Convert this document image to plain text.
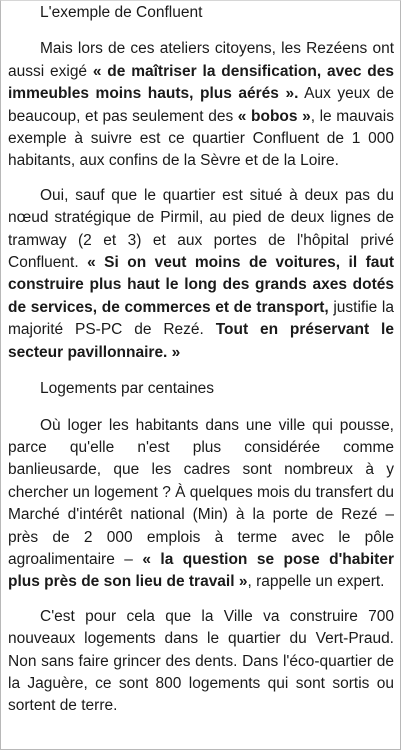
L'exemple de Confluent

Mais lors de ces ateliers citoyens, les Rezéens ont aussi exigé « de maîtriser la densification, avec des immeubles moins hauts, plus aérés ». Aux yeux de beaucoup, et pas seulement des « bobos », le mauvais exemple à suivre est ce quartier Confluent de 1 000 habitants, aux confins de la Sèvre et de la Loire.

Oui, sauf que le quartier est situé à deux pas du nœud stratégique de Pirmil, au pied de deux lignes de tramway (2 et 3) et aux portes de l'hôpital privé Confluent. « Si on veut moins de voitures, il faut construire plus haut le long des grands axes dotés de services, de commerces et de transport, justifie la majorité PS-PC de Rezé. Tout en préservant le secteur pavillonnaire. »

Logements par centaines

Où loger les habitants dans une ville qui pousse, parce qu'elle n'est plus considérée comme banlieusarde, que les cadres sont nombreux à y chercher un logement ? À quelques mois du transfert du Marché d'intérêt national (Min) à la porte de Rezé – près de 2 000 emplois à terme avec le pôle agroalimentaire – « la question se pose d'habiter plus près de son lieu de travail », rappelle un expert.

C'est pour cela que la Ville va construire 700 nouveaux logements dans le quartier du Vert-Praud. Non sans faire grincer des dents. Dans l'éco-quartier de la Jaguère, ce sont 800 logements qui sont sortis ou sortent de terre.
